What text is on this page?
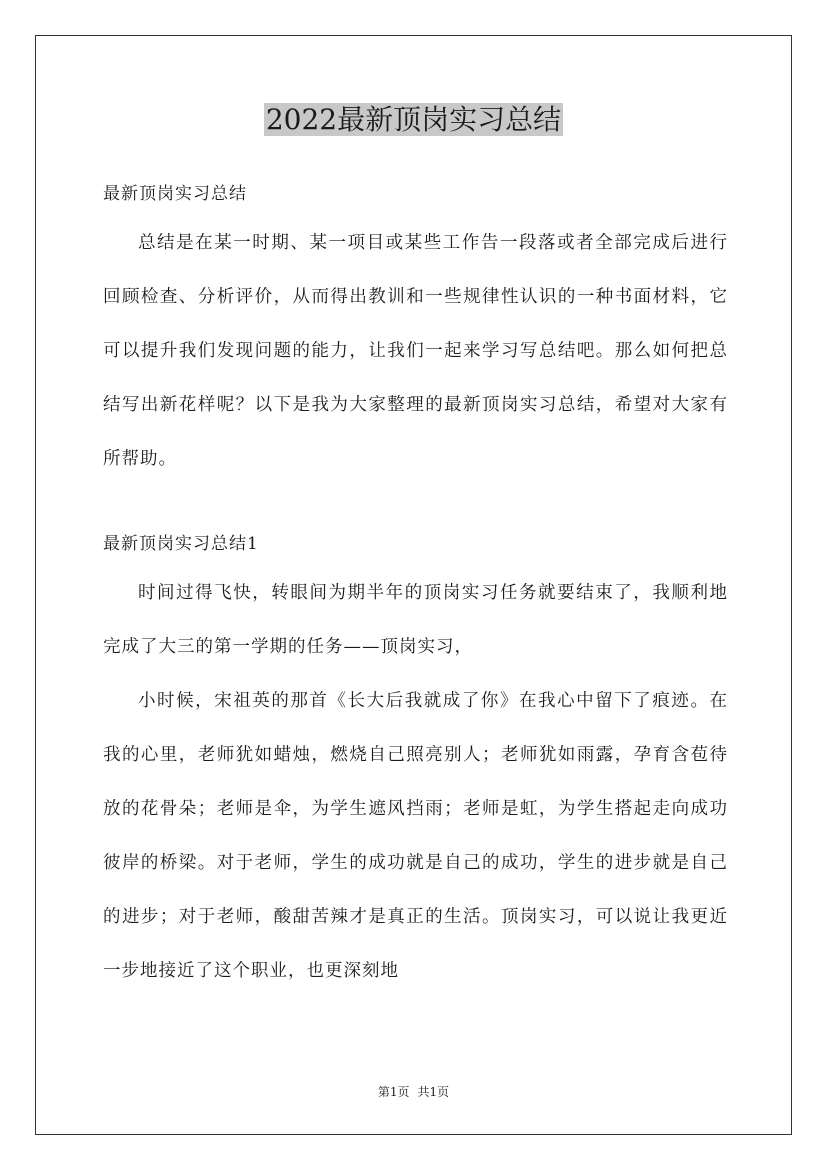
2022最新顶岗实习总结

最新顶岗实习总结

总结是在某一时期、某一项目或某些工作告一段落或者全部完成后进行回顾检查、分析评价，从而得出教训和一些规律性认识的一种书面材料，它可以提升我们发现问题的能力，让我们一起来学习写总结吧。那么如何把总结写出新花样呢？以下是我为大家整理的最新顶岗实习总结，希望对大家有所帮助。

最新顶岗实习总结1

时间过得飞快，转眼间为期半年的顶岗实习任务就要结束了，我顺利地完成了大三的第一学期的任务——顶岗实习，

小时候，宋祖英的那首《长大后我就成了你》在我心中留下了痕迹。在我的心里，老师犹如蜡烛，燃烧自己照亮别人；老师犹如雨露，孕育含苞待放的花骨朵；老师是伞，为学生遮风挡雨；老师是虹，为学生搭起走向成功彼岸的桥梁。对于老师，学生的成功就是自己的成功，学生的进步就是自己的进步；对于老师，酸甜苦辣才是真正的生活。顶岗实习，可以说让我更近一步地接近了这个职业，也更深刻地

第1页 共1页
